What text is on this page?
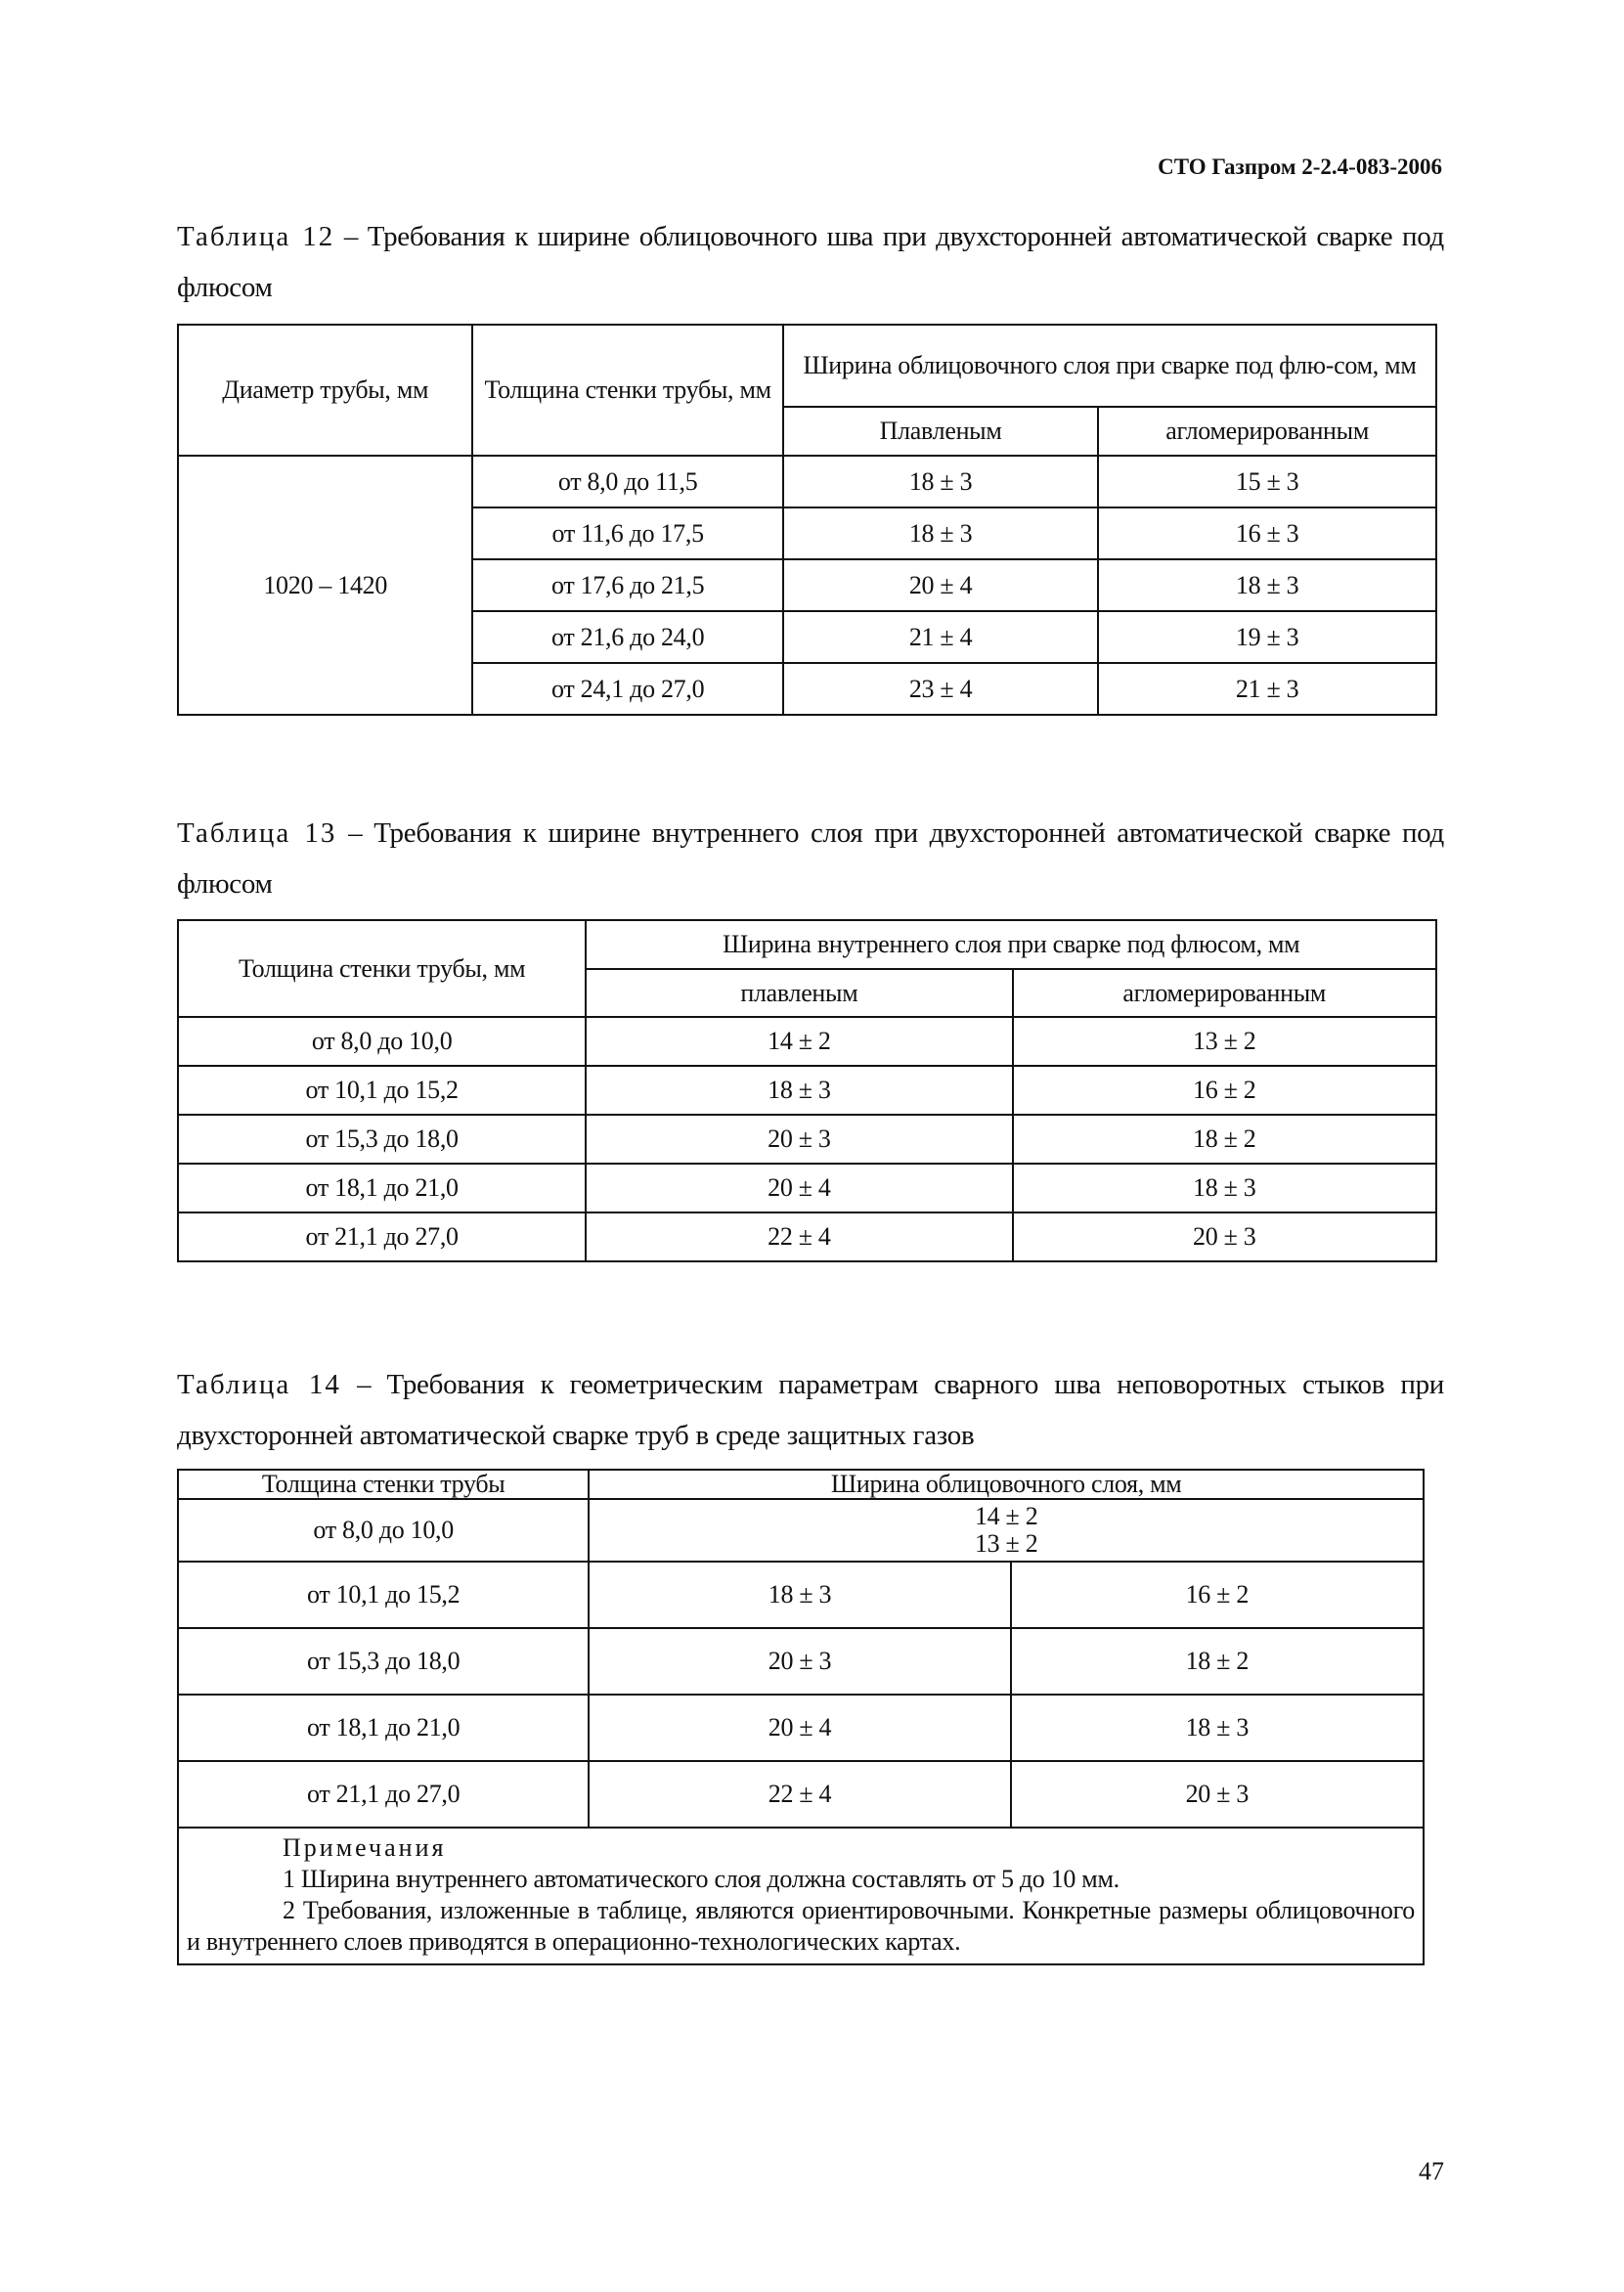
СТО Газпром 2-2.4-083-2006
Таблица 12 – Требования к ширине облицовочного шва при двухсторонней автоматической сварке под флюсом
Диаметр трубы, мм	Толщина стенки трубы, мм	Ширина облицовочного слоя при сварке под флю-сом, мм	
		Плавленым	агломерированным
1020 – 1420	от 8,0 до 11,5	18 ± 3	15 ± 3
	от 11,6 до 17,5	18 ± 3	16 ± 3
	от 17,6 до 21,5	20 ± 4	18 ± 3
	от 21,6 до 24,0	21 ± 4	19 ± 3
	от 24,1 до 27,0	23 ± 4	21 ± 3
Таблица 13 – Требования к ширине внутреннего слоя при двухсторонней автоматической сварке под флюсом
Толщина стенки трубы, мм	Ширина внутреннего слоя при сварке под флюсом, мм	
	плавленым	агломерированным
от 8,0 до 10,0	14 ± 2	13 ± 2
от 10,1 до 15,2	18 ± 3	16 ± 2
от 15,3 до 18,0	20 ± 3	18 ± 2
от 18,1 до 21,0	20 ± 4	18 ± 3
от 21,1 до 27,0	22 ± 4	20 ± 3
Таблица 14 – Требования к геометрическим параметрам сварного шва неповоротных стыков при двухсторонней автоматической сварке труб в среде защитных газов
Толщина стенки трубы	Ширина облицовочного слоя, мм	
от 8,0 до 10,0	14 ± 2
13 ± 2	

от 10,1 до 15,2	18 ± 3	16 ± 2
от 15,3 до 18,0	20 ± 3	18 ± 2
от 18,1 до 21,0	20 ± 4	18 ± 3
от 21,1 до 27,0	22 ± 4	20 ± 3

Примечания
1 Ширина внутреннего автоматического слоя должна составлять от 5 до 10 мм.
2 Требования, изложенные в таблице, являются ориентировочными. Конкретные размеры облицовочного и внутреннего слоев приводятся в операционно-технологических картах.		
47
